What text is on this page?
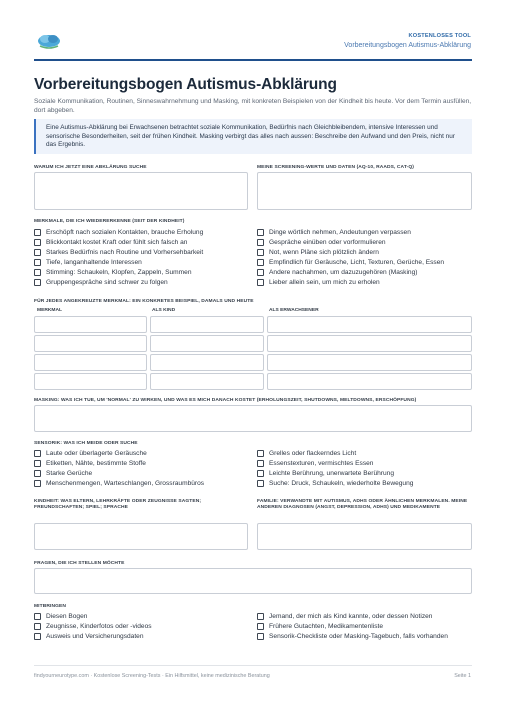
KOSTENLOSES TOOL
Vorbereitungsbogen Autismus-Abklärung
Vorbereitungsbogen Autismus-Abklärung
Soziale Kommunikation, Routinen, Sinneswahrnehmung und Masking, mit konkreten Beispielen von der Kindheit bis heute. Vor dem Termin ausfüllen, dort abgeben.
Eine Autismus-Abklärung bei Erwachsenen betrachtet soziale Kommunikation, Bedürfnis nach Gleichbleibendem, intensive Interessen und sensorische Besonderheiten, seit der frühen Kindheit. Masking verbirgt das alles nach aussen: Beschreibe den Aufwand und den Preis, nicht nur das Ergebnis.
WARUM ICH JETZT EINE ABKLÄRUNG SUCHE	MEINE SCREENING-WERTE UND DATEN (AQ-10, RAADS, CAT-Q)
MERKMALE, DIE ICH WIEDERERKENNE (SEIT DER KINDHEIT)
Erschöpft nach sozialen Kontakten, brauche Erholung
Blickkontakt kostet Kraft oder fühlt sich falsch an
Starkes Bedürfnis nach Routine und Vorhersehbarkeit
Tiefe, langanhaltende Interessen
Stimming: Schaukeln, Klopfen, Zappeln, Summen
Gruppengespräche sind schwer zu folgen
Dinge wörtlich nehmen, Andeutungen verpassen
Gespräche einüben oder vorformulieren
Not, wenn Pläne sich plötzlich ändern
Empfindlich für Geräusche, Licht, Texturen, Gerüche, Essen
Andere nachahmen, um dazuzugehören (Masking)
Lieber allein sein, um mich zu erholen
FÜR JEDES ANGEKREUZTE MERKMAL: EIN KONKRETES BEISPIEL, DAMALS UND HEUTE
MERKMAL	ALS KIND	ALS ERWACHSENER
MASKING: WAS ICH TUE, UM 'NORMAL' ZU WIRKEN, UND WAS ES MICH DANACH KOSTET (ERHOLUNGSZEIT, SHUTDOWNS, MELTDOWNS, ERSCHÖPFUNG)
SENSORIK: WAS ICH MEIDE ODER SUCHE
Laute oder überlagerte Geräusche
Etiketten, Nähte, bestimmte Stoffe
Starke Gerüche
Menschenmengen, Warteschlangen, Grossraumbüros
Grelles oder flackerndes Licht
Essenstexturen, vermischtes Essen
Leichte Berührung, unerwartete Berührung
Suche: Druck, Schaukeln, wiederholte Bewegung
KINDHEIT: WAS ELTERN, LEHRKRÄFTE ODER ZEUGNISSE SAGTEN; FREUNDSCHAFTEN; SPIEL; SPRACHE
FAMILIE: VERWANDTE MIT AUTISMUS, ADHS ODER ÄHNLICHEN MERKMALEN. MEINE ANDEREN DIAGNOSEN (ANGST, DEPRESSION, ADHS) UND MEDIKAMENTE
FRAGEN, DIE ICH STELLEN MÖCHTE
MITBRINGEN
Diesen Bogen
Zeugnisse, Kinderfotos oder -videos
Ausweis und Versicherungsdaten
Jemand, der mich als Kind kannte, oder dessen Notizen
Frühere Gutachten, Medikamentenliste
Sensorik-Checkliste oder Masking-Tagebuch, falls vorhanden
findyourneurotype.com · Kostenlose Screening-Tests · Ein Hilfsmittel, keine medizinische Beratung	Seite 1
